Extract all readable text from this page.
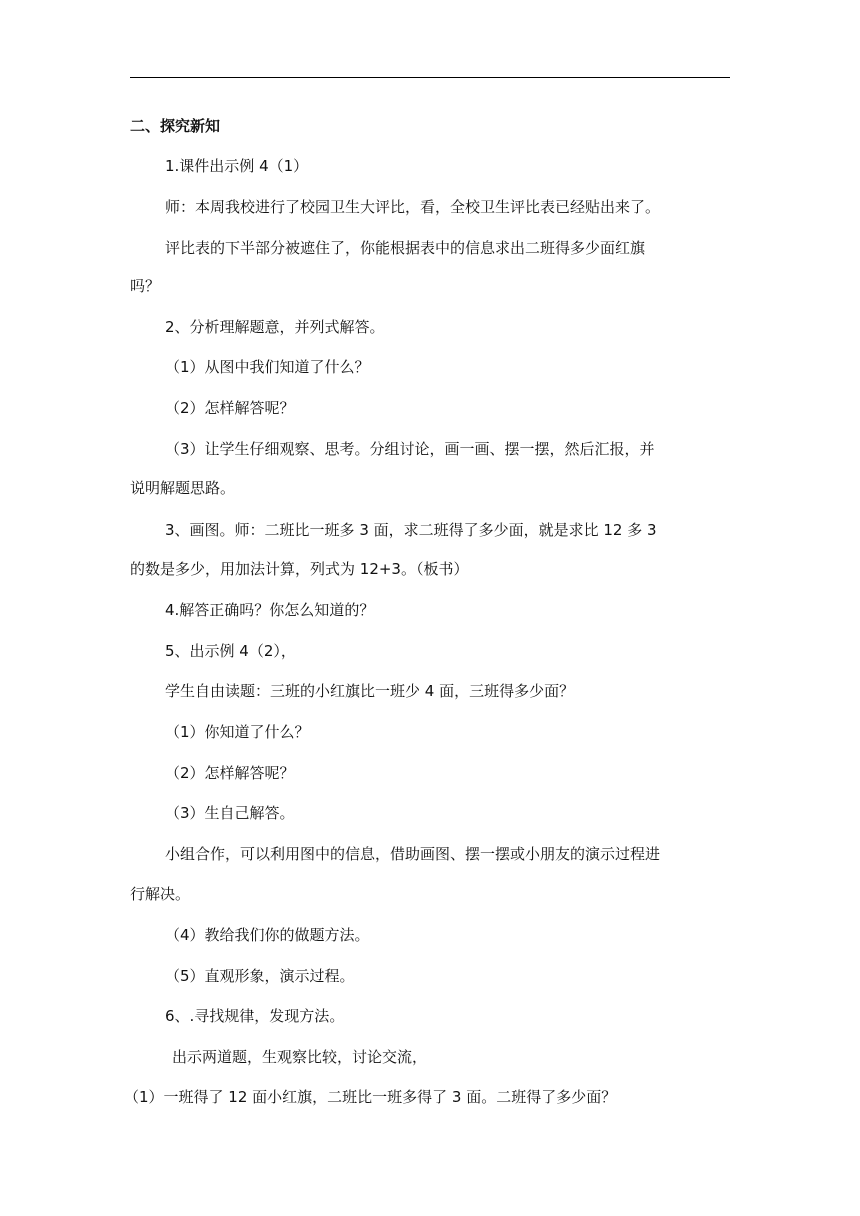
二、探究新知

1.课件出示例 4（1）

师：本周我校进行了校园卫生大评比，看，全校卫生评比表已经贴出来了。

评比表的下半部分被遮住了，你能根据表中的信息求出二班得多少面红旗

吗？

2、分析理解题意，并列式解答。

（1）从图中我们知道了什么？

（2）怎样解答呢？

（3）让学生仔细观察、思考。分组讨论，画一画、摆一摆，然后汇报，并

说明解题思路。

3、画图。师：二班比一班多 3 面，求二班得了多少面，就是求比 12 多 3

的数是多少，用加法计算，列式为 12+3。（板书）

4.解答正确吗？你怎么知道的？

5、出示例 4（2），

学生自由读题：三班的小红旗比一班少 4 面，三班得多少面？

（1）你知道了什么？

（2）怎样解答呢？

（3）生自己解答。

小组合作，可以利用图中的信息，借助画图、摆一摆或小朋友的演示过程进

行解决。

（4）教给我们你的做题方法。

（5）直观形象，演示过程。

6、.寻找规律，发现方法。

出示两道题，生观察比较，讨论交流，

（1）一班得了 12 面小红旗，二班比一班多得了 3 面。二班得了多少面？
